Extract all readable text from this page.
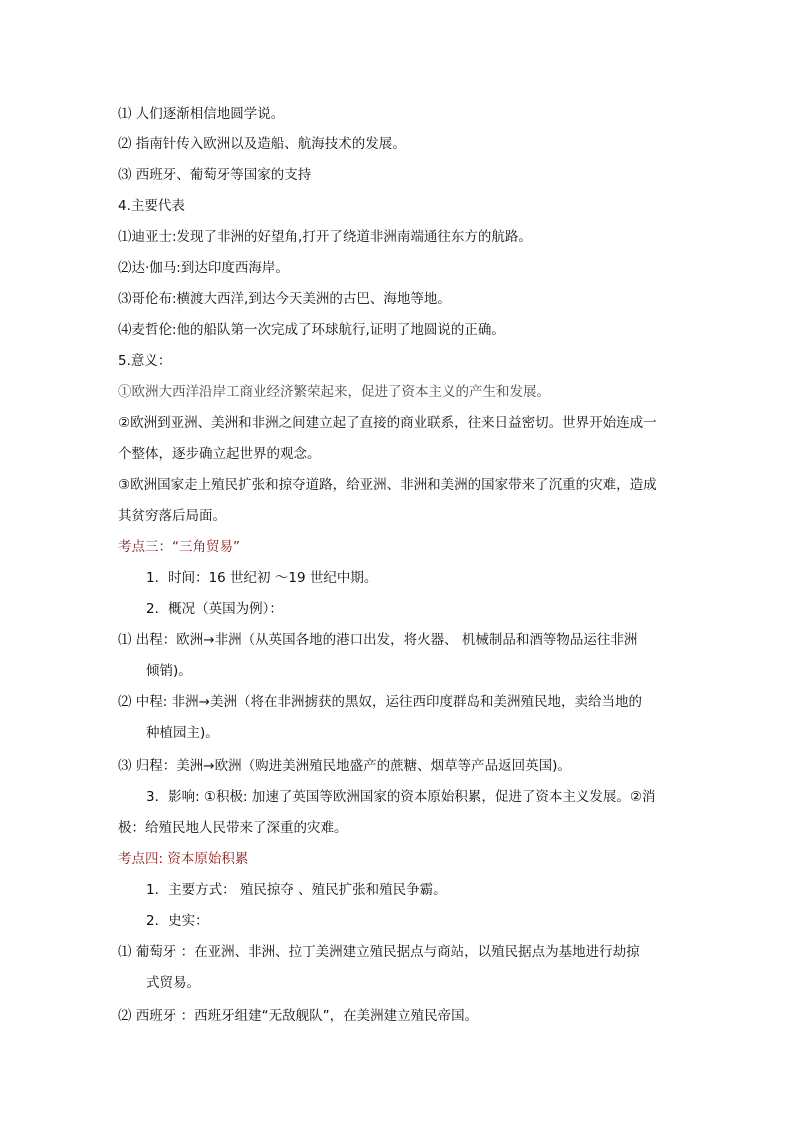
⑴ 人们逐渐相信地圆学说。
⑵ 指南针传入欧洲以及造船、航海技术的发展。
⑶ 西班牙、葡萄牙等国家的支持
4.主要代表
⑴迪亚士:发现了非洲的好望角,打开了绕道非洲南端通往东方的航路。
⑵达·伽马:到达印度西海岸。
⑶哥伦布:横渡大西洋,到达今天美洲的古巴、海地等地。
⑷麦哲伦:他的船队第一次完成了环球航行,证明了地圆说的正确。
5.意义：
①欧洲大西洋沿岸工商业经济繁荣起来，促进了资本主义的产生和发展。
②欧洲到亚洲、美洲和非洲之间建立起了直接的商业联系，往来日益密切。世界开始连成一
个整体，逐步确立起世界的观念。
③欧洲国家走上殖民扩张和掠夺道路，给亚洲、非洲和美洲的国家带来了沉重的灾难，造成
其贫穷落后局面。
考点三：“三角贸易”
1．时间：16 世纪初 ～19 世纪中期。
2．概况（英国为例）：
⑴ 出程：欧洲→非洲（从英国各地的港口出发，将火器、 机械制品和酒等物品运往非洲
倾销)。
⑵ 中程: 非洲→美洲（将在非洲掳获的黑奴，运往西印度群岛和美洲殖民地，卖给当地的
种植园主)。
⑶ 归程：美洲→欧洲（购进美洲殖民地盛产的蔗糖、烟草等产品返回英国)。
3．影响: ①积极: 加速了英国等欧洲国家的资本原始积累，促进了资本主义发展。②消
极：给殖民地人民带来了深重的灾难。
考点四: 资本原始积累
1．主要方式： 殖民掠夺 、殖民扩张和殖民争霸。
2．史实：
⑴ 葡萄牙 ：在亚洲、非洲、拉丁美洲建立殖民据点与商站，以殖民据点为基地进行劫掠
式贸易。
⑵ 西班牙 ：西班牙组建“无敌舰队”，在美洲建立殖民帝国。
